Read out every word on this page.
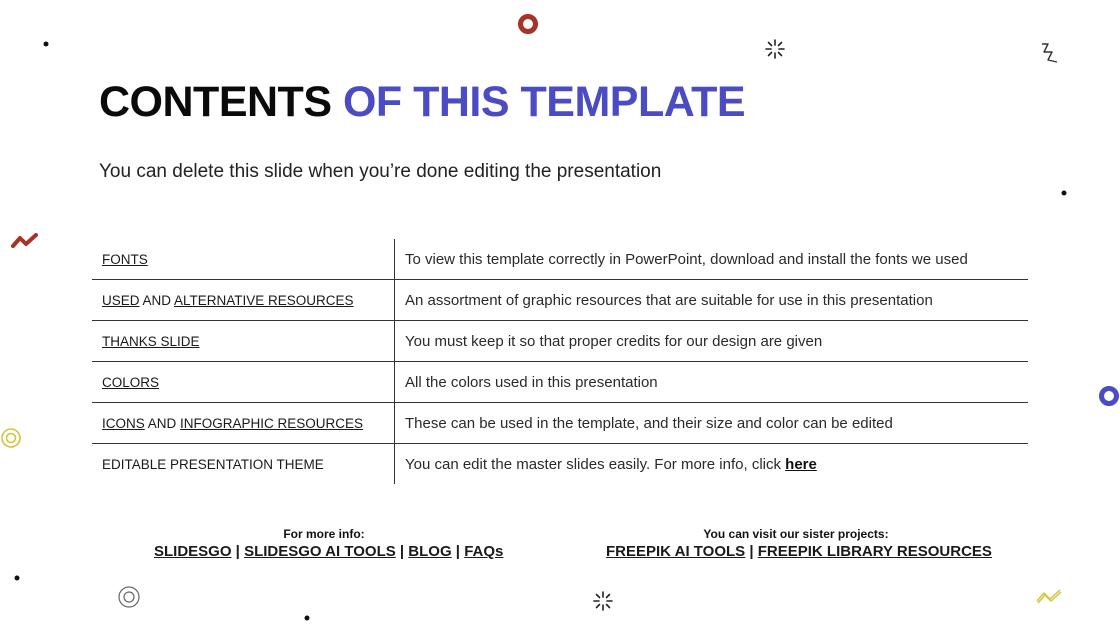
CONTENTS OF THIS TEMPLATE
You can delete this slide when you’re done editing the presentation
FONTS	To view this template correctly in PowerPoint, download and install the fonts we used
USED AND ALTERNATIVE RESOURCES	An assortment of graphic resources that are suitable for use in this presentation
THANKS SLIDE	You must keep it so that proper credits for our design are given
COLORS	All the colors used in this presentation
ICONS AND INFOGRAPHIC RESOURCES	These can be used in the template, and their size and color can be edited
EDITABLE PRESENTATION THEME	You can edit the master slides easily. For more info, click here
For more info:
SLIDESGO | SLIDESGO AI TOOLS | BLOG | FAQs
You can visit our sister projects:
FREEPIK AI TOOLS | FREEPIK LIBRARY RESOURCES
